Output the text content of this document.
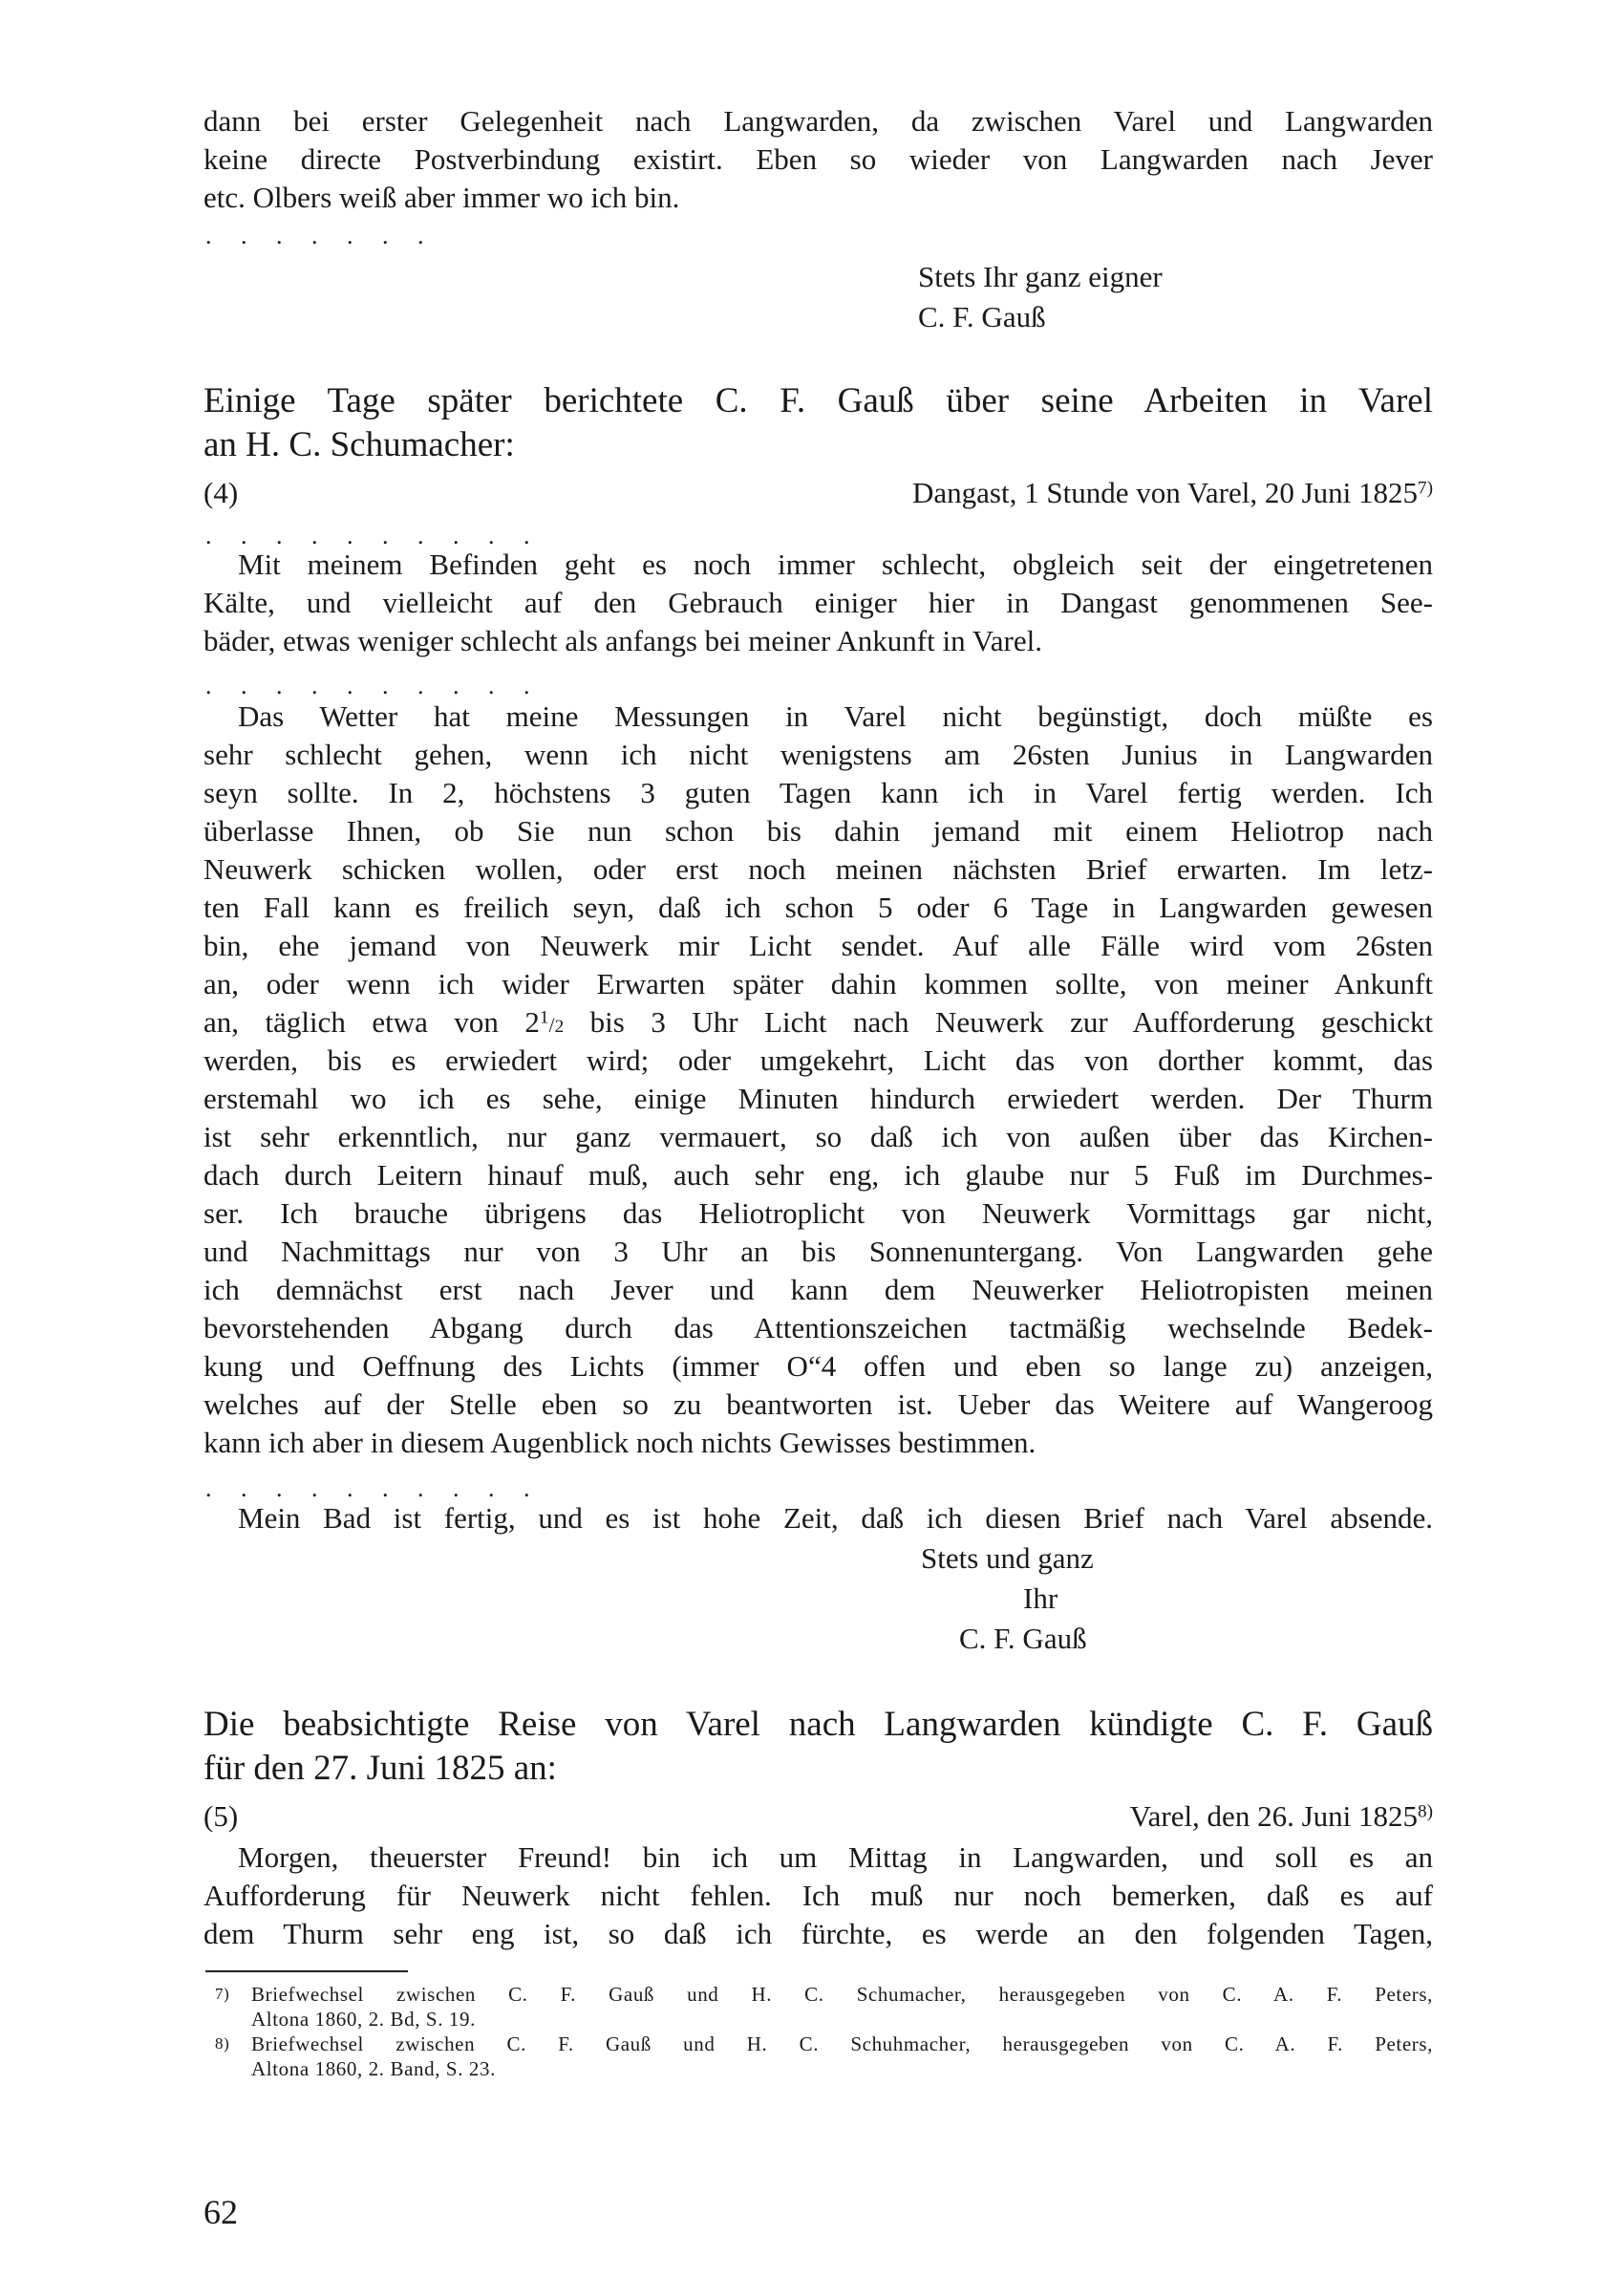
dann bei erster Gelegenheit nach Langwarden, da zwischen Varel und Langwarden
keine directe Postverbindung existirt. Eben so wieder von Langwarden nach Jever
etc. Olbers weiß aber immer wo ich bin.
. . . . . . .
Stets Ihr ganz eigner
C. F. Gauß
Einige Tage später berichtete C. F. Gauß über seine Arbeiten in Varel
an H. C. Schumacher:
(4)	Dangast, 1 Stunde von Varel, 20 Juni 1825$^{7)}$
. . . . . . . . . .
Mit meinem Befinden geht es noch immer schlecht, obgleich seit der eingetretenen
Kälte, und vielleicht auf den Gebrauch einiger hier in Dangast genommenen See-
bäder, etwas weniger schlecht als anfangs bei meiner Ankunft in Varel.
. . . . . . . . . .
Das Wetter hat meine Messungen in Varel nicht begünstigt, doch müßte es
sehr schlecht gehen, wenn ich nicht wenigstens am 26sten Junius in Langwarden
seyn sollte. In 2, höchstens 3 guten Tagen kann ich in Varel fertig werden. Ich
überlasse Ihnen, ob Sie nun schon bis dahin jemand mit einem Heliotrop nach
Neuwerk schicken wollen, oder erst noch meinen nächsten Brief erwarten. Im letz-
ten Fall kann es freilich seyn, daß ich schon 5 oder 6 Tage in Langwarden gewesen
bin, ehe jemand von Neuwerk mir Licht sendet. Auf alle Fälle wird vom 26sten
an, oder wenn ich wider Erwarten später dahin kommen sollte, von meiner Ankunft
an, täglich etwa von $2^1/2$ bis 3 Uhr Licht nach Neuwerk zur Aufforderung geschickt
werden, bis es erwiedert wird; oder umgekehrt, Licht das von dorther kommt, das
erstemahl wo ich es sehe, einige Minuten hindurch erwiedert werden. Der Thurm
ist sehr erkenntlich, nur ganz vermauert, so daß ich von außen über das Kirchen-
dach durch Leitern hinauf muß, auch sehr eng, ich glaube nur 5 Fuß im Durchmes-
ser. Ich brauche übrigens das Heliotroplicht von Neuwerk Vormittags gar nicht,
und Nachmittags nur von 3 Uhr an bis Sonnenuntergang. Von Langwarden gehe
ich demnächst erst nach Jever und kann dem Neuwerker Heliotropisten meinen
bevorstehenden Abgang durch das Attentionszeichen tactmäßig wechselnde Bedek-
kung und Oeffnung des Lichts (immer O“4 offen und eben so lange zu) anzeigen,
welches auf der Stelle eben so zu beantworten ist. Ueber das Weitere auf Wangeroog
kann ich aber in diesem Augenblick noch nichts Gewisses bestimmen.
. . . . . . . . . .
Mein Bad ist fertig, und es ist hohe Zeit, daß ich diesen Brief nach Varel absende.
Stets und ganz
Ihr
C. F. Gauß
Die beabsichtigte Reise von Varel nach Langwarden kündigte C. F. Gauß
für den 27. Juni 1825 an:
(5)	Varel, den 26. Juni 1825$^{8)}$
Morgen, theuerster Freund! bin ich um Mittag in Langwarden, und soll es an
Aufforderung für Neuwerk nicht fehlen. Ich muß nur noch bemerken, daß es auf
dem Thurm sehr eng ist, so daß ich fürchte, es werde an den folgenden Tagen,
7) Briefwechsel zwischen C. F. Gauß und H. C. Schumacher, herausgegeben von C. A. F. Peters,
Altona 1860, 2. Bd, S. 19.
8) Briefwechsel zwischen C. F. Gauß und H. C. Schuhmacher, herausgegeben von C. A. F. Peters,
Altona 1860, 2. Band, S. 23.
62
